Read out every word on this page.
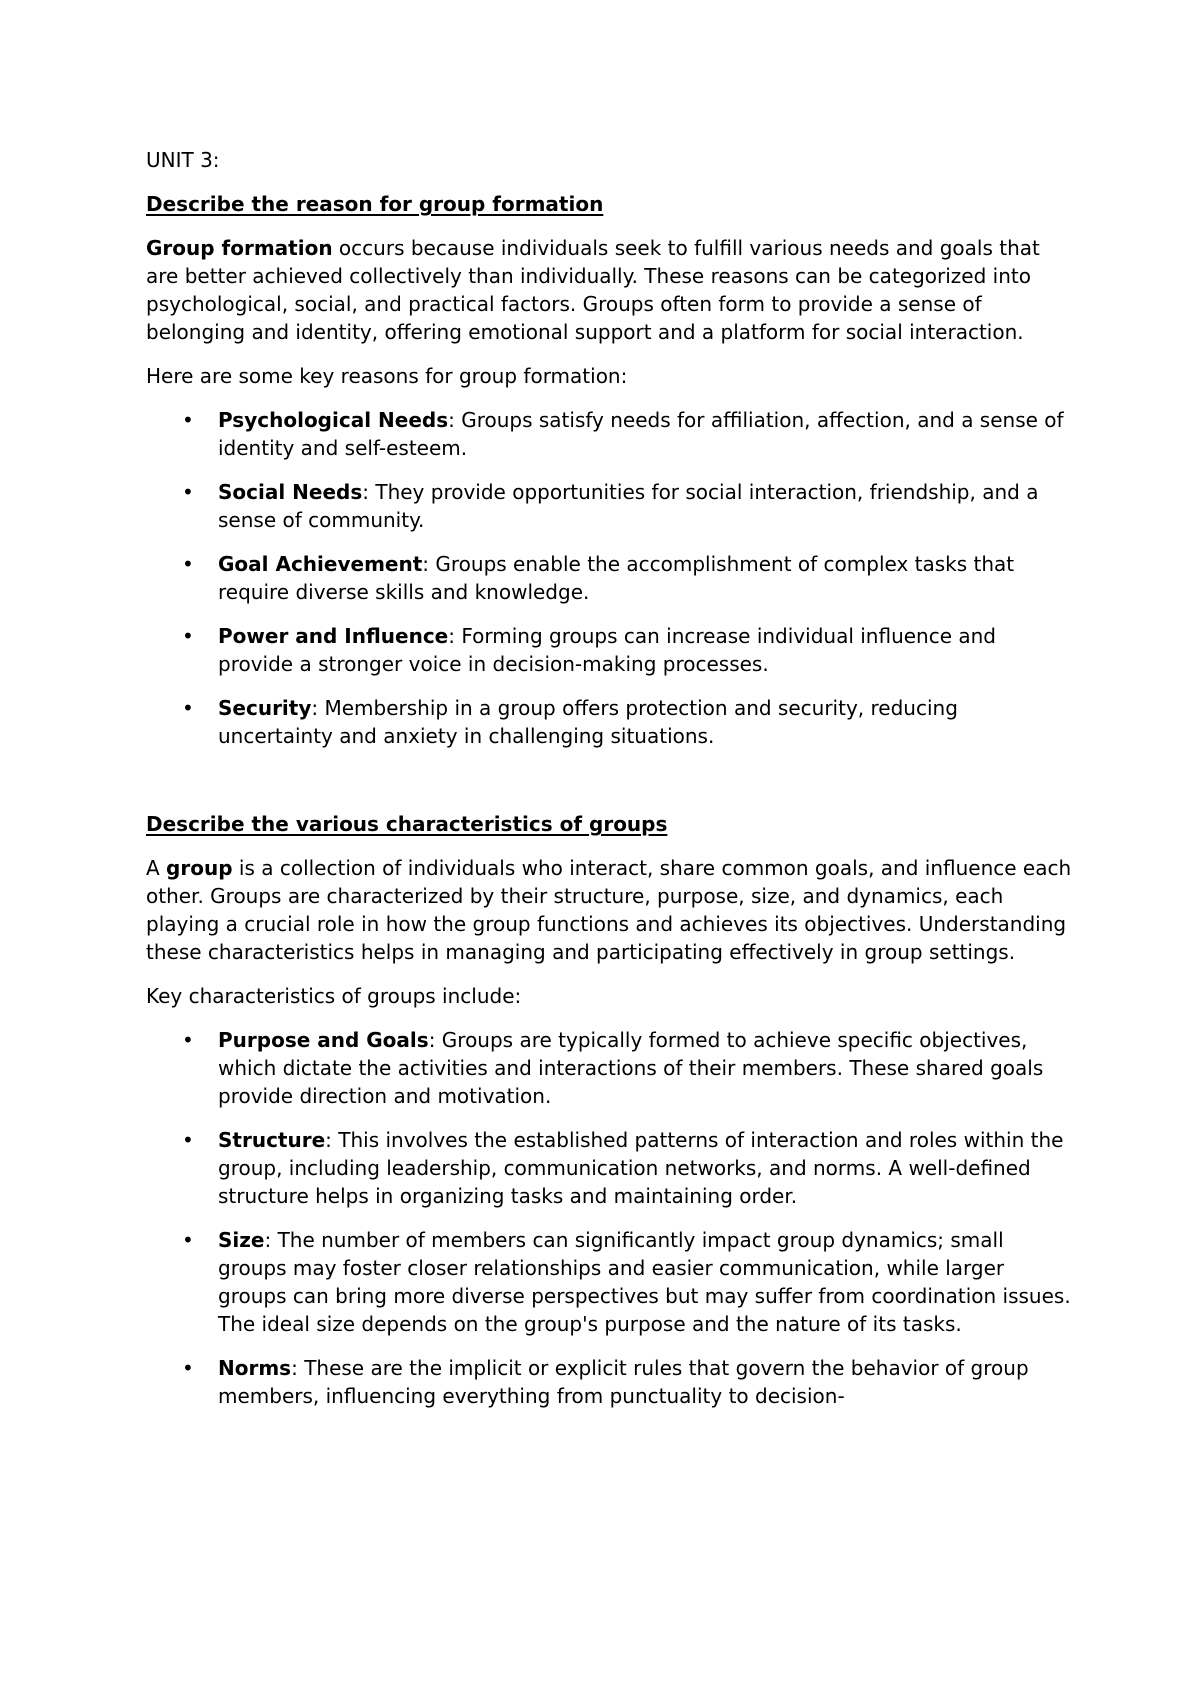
UNIT 3:
Describe the reason for group formation

Group formation occurs because individuals seek to fulfill various needs and goals that are better achieved collectively than individually. These reasons can be categorized into psychological, social, and practical factors. Groups often form to provide a sense of belonging and identity, offering emotional support and a platform for social interaction.

Here are some key reasons for group formation:

• Psychological Needs: Groups satisfy needs for affiliation, affection, and a sense of identity and self-esteem.
• Social Needs: They provide opportunities for social interaction, friendship, and a sense of community.
• Goal Achievement: Groups enable the accomplishment of complex tasks that require diverse skills and knowledge.
• Power and Influence: Forming groups can increase individual influence and provide a stronger voice in decision-making processes.
• Security: Membership in a group offers protection and security, reducing uncertainty and anxiety in challenging situations.
Describe the various characteristics of groups

A group is a collection of individuals who interact, share common goals, and influence each other. Groups are characterized by their structure, purpose, size, and dynamics, each playing a crucial role in how the group functions and achieves its objectives. Understanding these characteristics helps in managing and participating effectively in group settings.

Key characteristics of groups include:

• Purpose and Goals: Groups are typically formed to achieve specific objectives, which dictate the activities and interactions of their members. These shared goals provide direction and motivation.
• Structure: This involves the established patterns of interaction and roles within the group, including leadership, communication networks, and norms. A well-defined structure helps in organizing tasks and maintaining order.
• Size: The number of members can significantly impact group dynamics; small groups may foster closer relationships and easier communication, while larger groups can bring more diverse perspectives but may suffer from coordination issues. The ideal size depends on the group's purpose and the nature of its tasks.
• Norms: These are the implicit or explicit rules that govern the behavior of group members, influencing everything from punctuality to decision-
